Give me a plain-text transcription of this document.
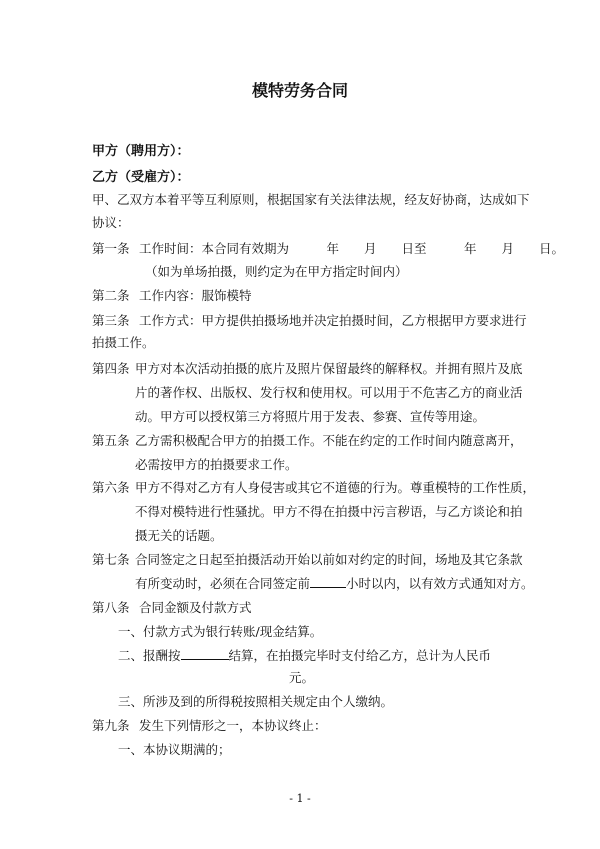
模特劳务合同
甲方（聘用方）：
乙方（受雇方）：
甲、乙双方本着平等互利原则，根据国家有关法律法规，经友好协商，达成如下
协议：
第一条 工作时间：本合同有效期为　　　年　　月　　日至　　　年　　月　　日。
（如为单场拍摄，则约定为在甲方指定时间内）
第二条 工作内容：服饰模特
第三条 工作方式：甲方提供拍摄场地并决定拍摄时间，乙方根据甲方要求进行
拍摄工作。
第四条 甲方对本次活动拍摄的底片及照片保留最终的解释权。并拥有照片及底
片的著作权、出版权、发行权和使用权。可以用于不危害乙方的商业活
动。甲方可以授权第三方将照片用于发表、参赛、宣传等用途。
第五条 乙方需积极配合甲方的拍摄工作。不能在约定的工作时间内随意离开，
必需按甲方的拍摄要求工作。
第六条 甲方不得对乙方有人身侵害或其它不道德的行为。尊重模特的工作性质，
不得对模特进行性骚扰。甲方不得在拍摄中污言秽语，与乙方谈论和拍
摄无关的话题。
第七条 合同签定之日起至拍摄活动开始以前如对约定的时间，场地及其它条款
有所变动时，必须在合同签定前	小时以内，以有效方式通知对方。
第八条 合同金额及付款方式
一、付款方式为银行转账/现金结算。
二、报酬按	结算，在拍摄完毕时支付给乙方，总计为人民币
元。
三、所涉及到的所得税按照相关规定由个人缴纳。
第九条 发生下列情形之一，本协议终止：
一、本协议期满的；
- 1 -
